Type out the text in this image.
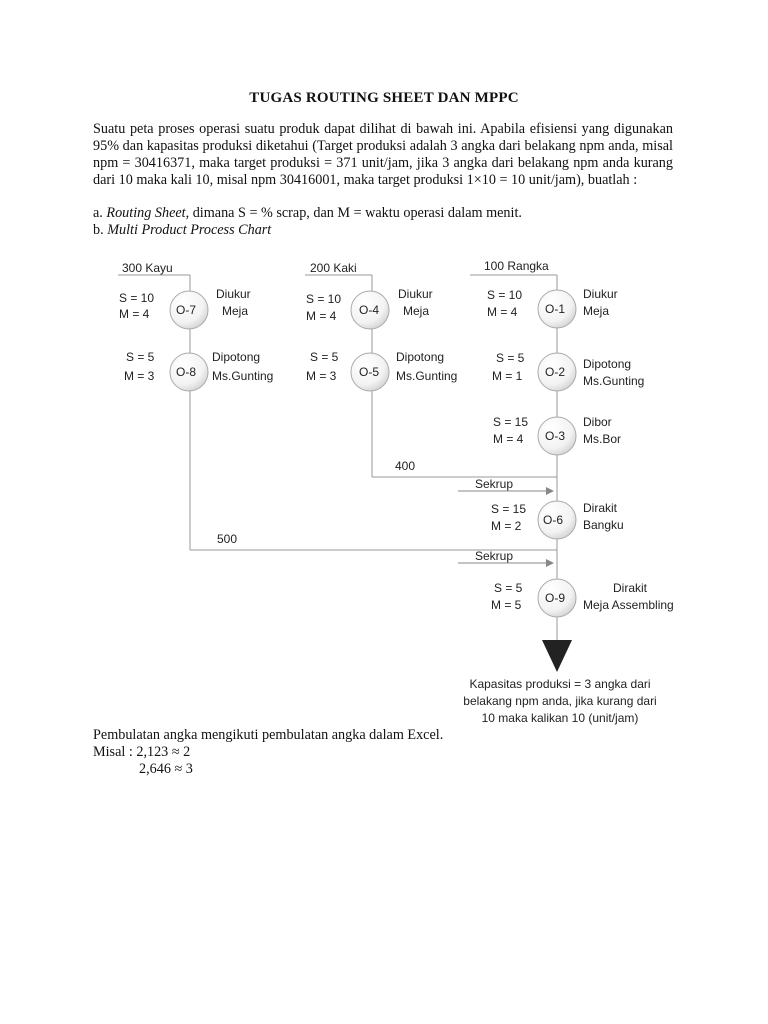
TUGAS ROUTING SHEET DAN MPPC
Suatu peta proses operasi suatu produk dapat dilihat di bawah ini. Apabila efisiensi yang digunakan 95% dan kapasitas produksi diketahui (Target produksi adalah 3 angka dari belakang npm anda, misal npm = 30416371, maka target produksi = 371 unit/jam, jika 3 angka dari belakang npm anda kurang dari 10 maka kali 10, misal npm 30416001, maka target produksi 1×10 = 10 unit/jam), buatlah :
a. Routing Sheet, dimana S = % scrap, dan M = waktu operasi dalam menit.
b. Multi Product Process Chart
300 Kayu
O-7
S = 10
M = 4
Diukur
Meja
O-8
S = 5
M = 3
Dipotong
Ms.Gunting
200 Kaki
O-4
S = 10
M = 4
Diukur
Meja
O-5
S = 5
M = 3
Dipotong
Ms.Gunting
100 Rangka
O-1
S = 10
M = 4
Diukur
Meja
O-2
S = 5
M = 1
Dipotong
Ms.Gunting
O-3
S = 15
M = 4
Dibor
Ms.Bor
400
Sekrup
O-6
S = 15
M = 2
Dirakit
Bangku
500
Sekrup
O-9
S = 5
M = 5
Dirakit
Meja Assembling
Kapasitas produksi = 3 angka dari
belakang npm anda, jika kurang dari
10 maka kalikan 10 (unit/jam)
Pembulatan angka mengikuti pembulatan angka dalam Excel.
Misal : 2,123 ≈ 2
2,646 ≈ 3
